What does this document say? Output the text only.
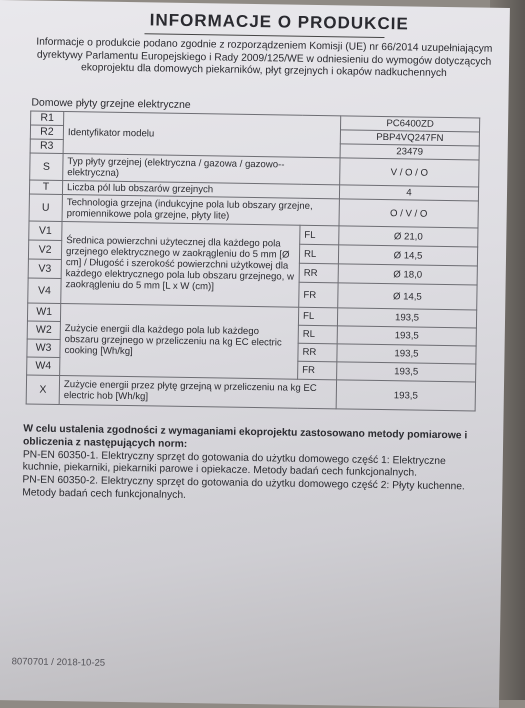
INFORMACJE O PRODUKCIE
Informacje o produkcie podano zgodnie z rozporządzeniem Komisji (UE) nr 66/2014 uzupełniającym dyrektywy Parlamentu Europejskiego i Rady 2009/125/WE w odniesieniu do wymogów dotyczących ekoprojektu dla domowych piekarników, płyt grzejnych i okapów nadkuchennych
Domowe płyty grzejne elektryczne
R1	Identyfikator modelu		PC6400ZD
R2			PBP4VQ247FN
R3			23479
S	Typ płyty grzejnej (elektryczna / gazowa / gazowo--elektryczna)		V / O / O
T	Liczba pól lub obszarów grzejnych		4
U	Technologia grzejna (indukcyjne pola lub obszary grzejne, promiennikowe pola grzejne, płyty lite)		O / V / O
V1	Średnica powierzchni użytecznej dla każdego pola grzejnego elektrycznego w zaokrągleniu do 5 mm [Ø cm] / Długość i szerokość powierzchni użytkowej dla każdego elektrycznego pola lub obszaru grzejnego, w zaokrągleniu do 5 mm [L x W (cm)]	FL	Ø 21,0
V2		RL	Ø 14,5
V3		RR	Ø 18,0
V4		FR	Ø 14,5
W1	Zużycie energii dla każdego pola lub każdego obszaru grzejnego w przeliczeniu na kg EC electric cooking [Wh/kg]	FL	193,5
W2		RL	193,5
W3		RR	193,5
W4		FR	193,5
X	Zużycie energii przez płytę grzejną w przeliczeniu na kg EC electric hob [Wh/kg]		193,5
W celu ustalenia zgodności z wymaganiami ekoprojektu zastosowano metody pomiarowe i obliczenia z następujących norm:
PN-EN 60350-1. Elektryczny sprzęt do gotowania do użytku domowego część 1: Elektryczne kuchnie, piekarniki, piekarniki parowe i opiekacze. Metody badań cech funkcjonalnych.
PN-EN 60350-2. Elektryczny sprzęt do gotowania do użytku domowego część 2: Płyty kuchenne. Metody badań cech funkcjonalnych.
8070701 / 2018-10-25
